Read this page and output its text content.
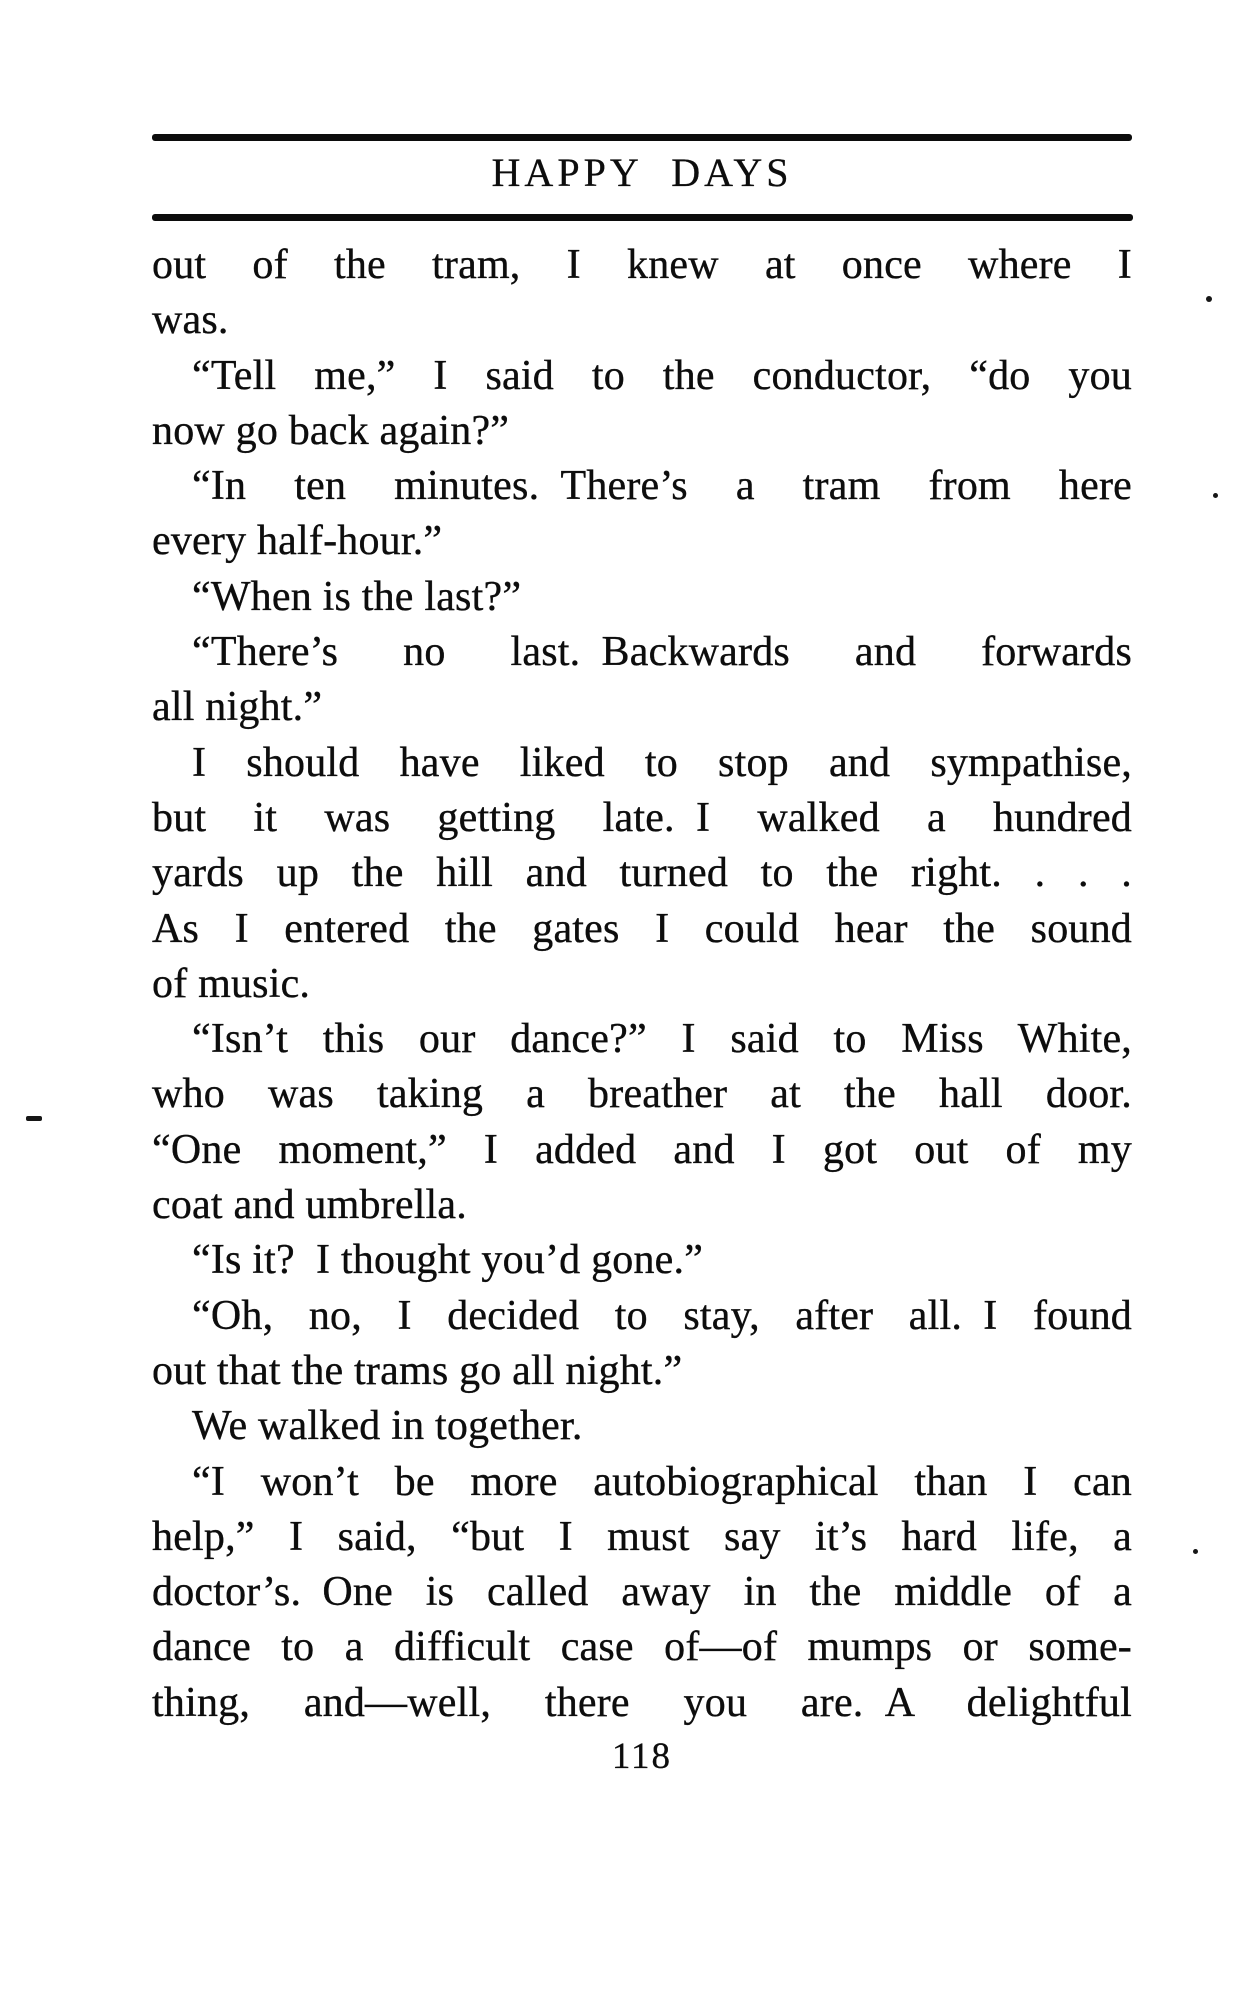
HAPPY DAYS
out of the tram, I knew at once where I
was.
“Tell me,” I said to the conductor, “do you
now go back again?”
“In ten minutes. There’s a tram from here
every half-hour.”
“When is the last?”
“There’s no last. Backwards and forwards
all night.”
I should have liked to stop and sympathise,
but it was getting late. I walked a hundred
yards up the hill and turned to the right. . . .
As I entered the gates I could hear the sound
of music.
“Isn’t this our dance?” I said to Miss White,
who was taking a breather at the hall door.
“One moment,” I added and I got out of my
coat and umbrella.
“Is it? I thought you’d gone.”
“Oh, no, I decided to stay, after all. I found
out that the trams go all night.”
We walked in together.
“I won’t be more autobiographical than I can
help,” I said, “but I must say it’s hard life, a
doctor’s. One is called away in the middle of a
dance to a difficult case of—of mumps or some-
thing, and—well, there you are. A delightful
118
